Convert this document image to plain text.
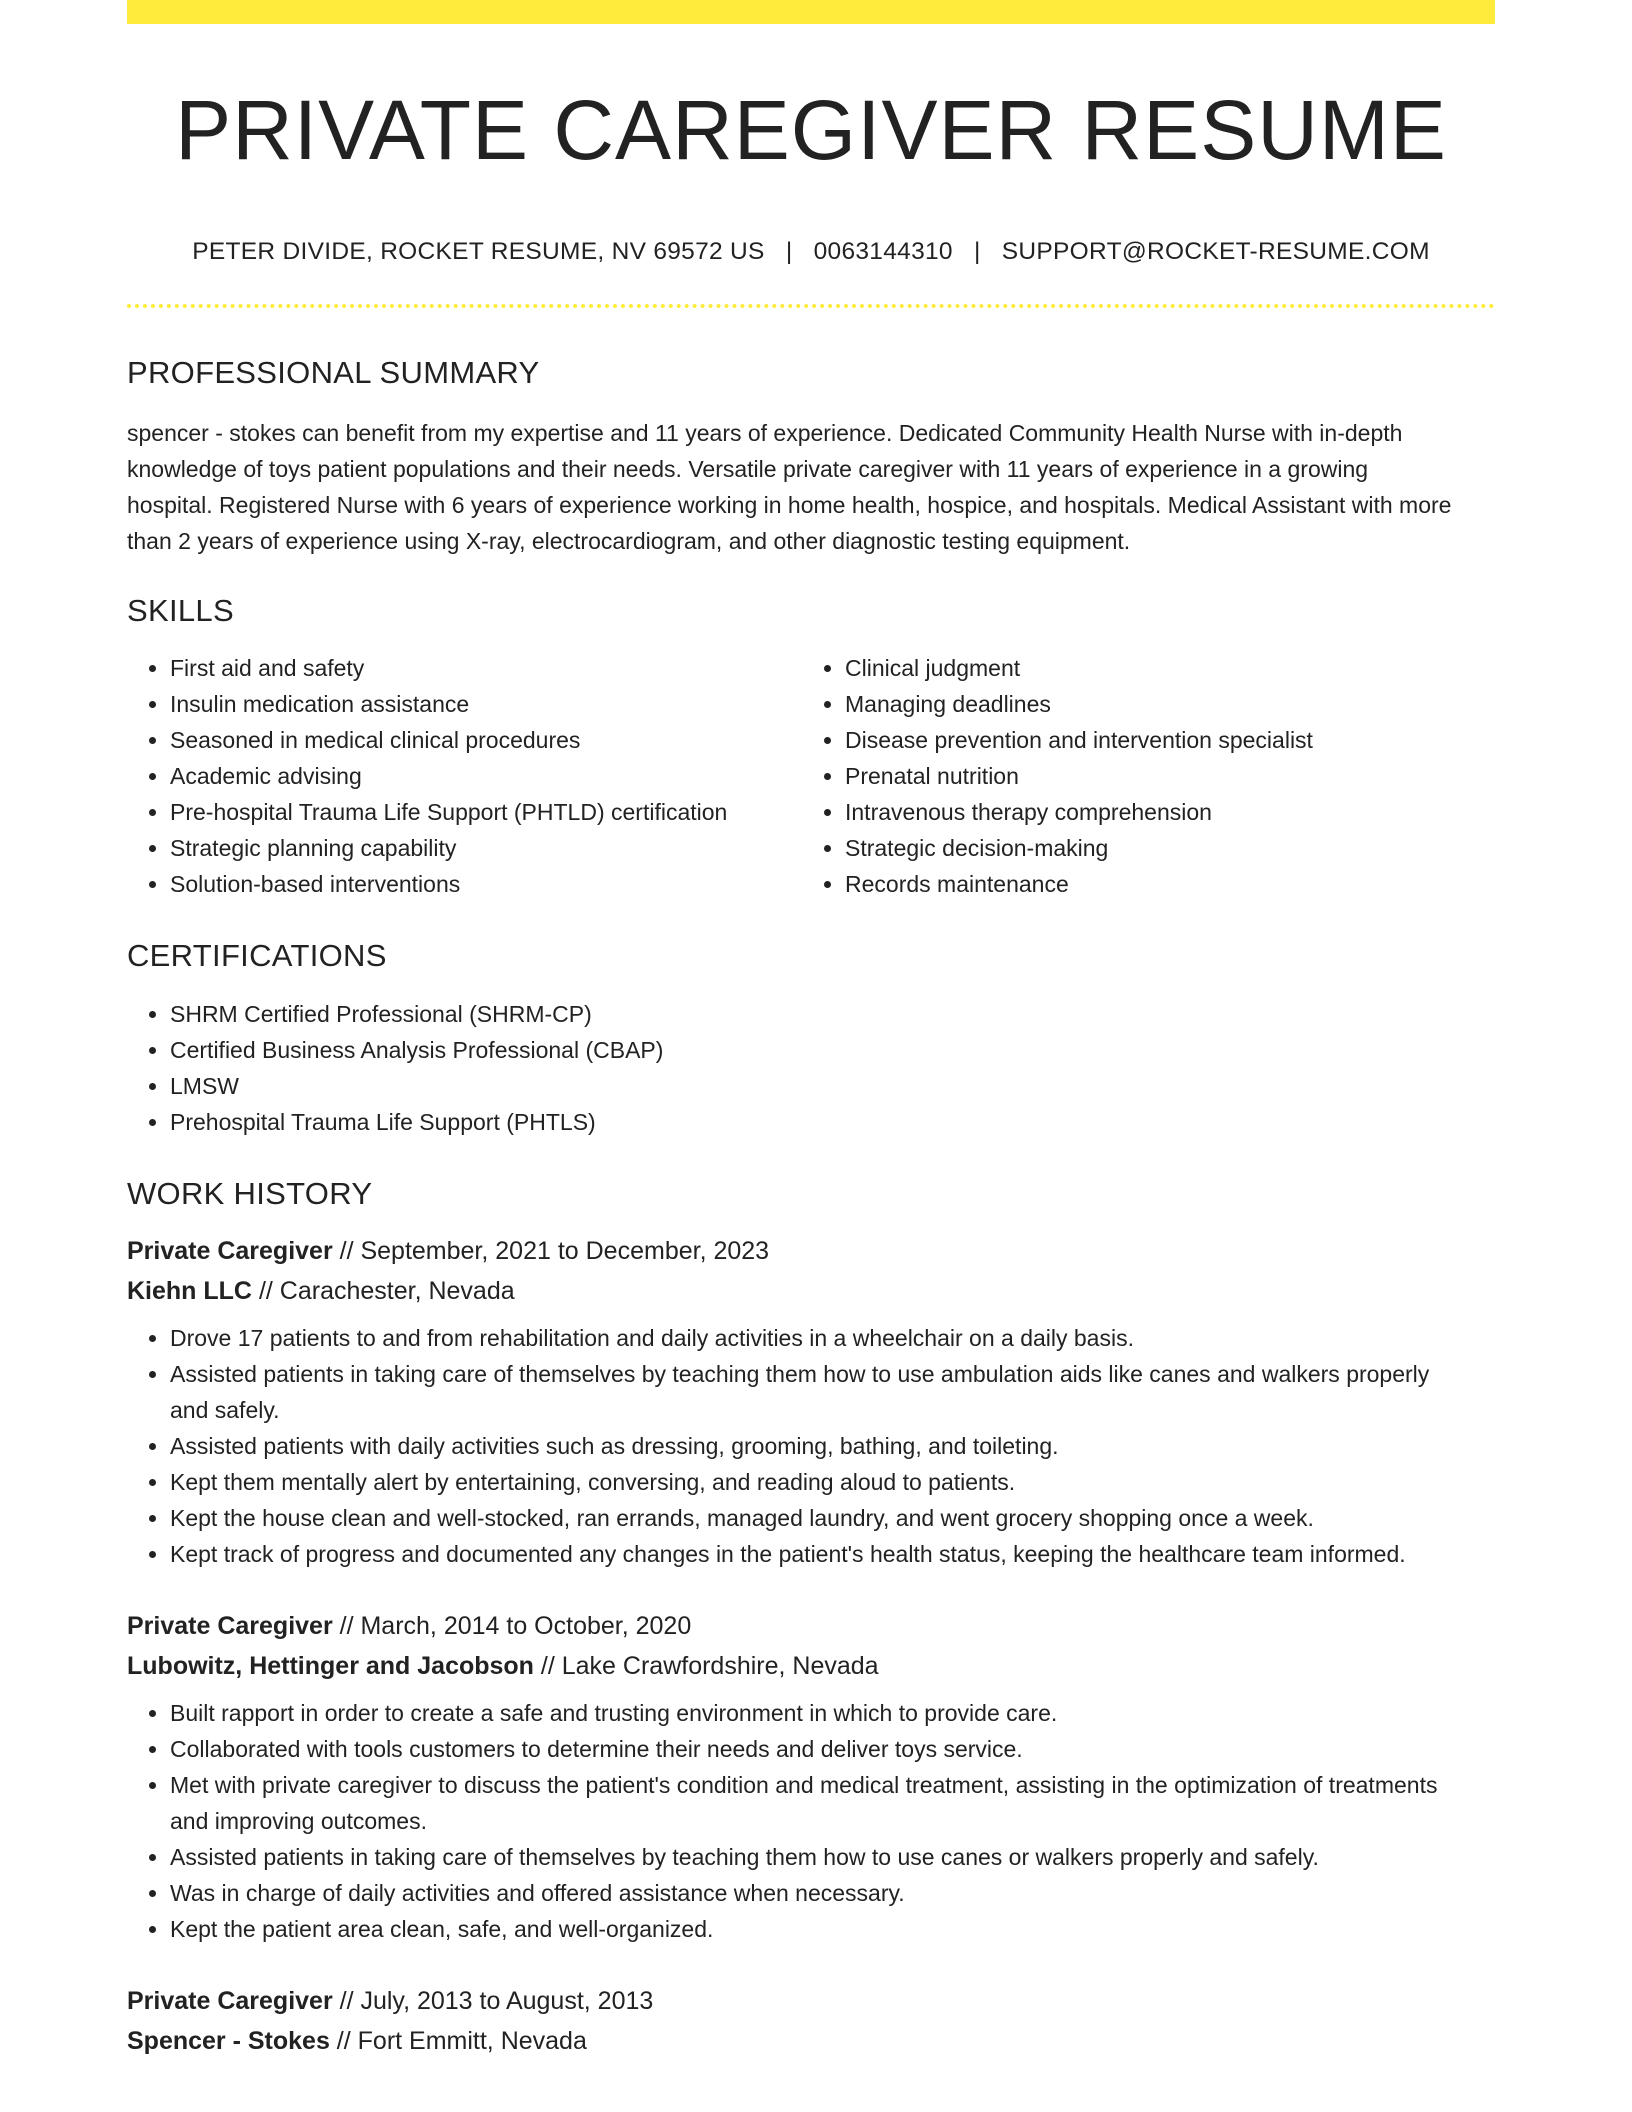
PRIVATE CAREGIVER RESUME
PETER DIVIDE, ROCKET RESUME, NV 69572 US | 0063144310 | SUPPORT@ROCKET-RESUME.COM
PROFESSIONAL SUMMARY

spencer - stokes can benefit from my expertise and 11 years of experience. Dedicated Community Health Nurse with in-depth knowledge of toys patient populations and their needs. Versatile private caregiver with 11 years of experience in a growing hospital. Registered Nurse with 6 years of experience working in home health, hospice, and hospitals. Medical Assistant with more than 2 years of experience using X-ray, electrocardiogram, and other diagnostic testing equipment.

SKILLS
• First aid and safety
• Insulin medication assistance
• Seasoned in medical clinical procedures
• Academic advising
• Pre-hospital Trauma Life Support (PHTLD) certification
• Strategic planning capability
• Solution-based interventions
• Clinical judgment
• Managing deadlines
• Disease prevention and intervention specialist
• Prenatal nutrition
• Intravenous therapy comprehension
• Strategic decision-making
• Records maintenance
CERTIFICATIONS
• SHRM Certified Professional (SHRM-CP)
• Certified Business Analysis Professional (CBAP)
• LMSW
• Prehospital Trauma Life Support (PHTLS)
WORK HISTORY
Private Caregiver // September, 2021 to December, 2023
Kiehn LLC // Carachester, Nevada
• Drove 17 patients to and from rehabilitation and daily activities in a wheelchair on a daily basis.
• Assisted patients in taking care of themselves by teaching them how to use ambulation aids like canes and walkers properly and safely.
• Assisted patients with daily activities such as dressing, grooming, bathing, and toileting.
• Kept them mentally alert by entertaining, conversing, and reading aloud to patients.
• Kept the house clean and well-stocked, ran errands, managed laundry, and went grocery shopping once a week.
• Kept track of progress and documented any changes in the patient's health status, keeping the healthcare team informed.
Private Caregiver // March, 2014 to October, 2020
Lubowitz, Hettinger and Jacobson // Lake Crawfordshire, Nevada
• Built rapport in order to create a safe and trusting environment in which to provide care.
• Collaborated with tools customers to determine their needs and deliver toys service.
• Met with private caregiver to discuss the patient's condition and medical treatment, assisting in the optimization of treatments and improving outcomes.
• Assisted patients in taking care of themselves by teaching them how to use canes or walkers properly and safely.
• Was in charge of daily activities and offered assistance when necessary.
• Kept the patient area clean, safe, and well-organized.
Private Caregiver // July, 2013 to August, 2013
Spencer - Stokes // Fort Emmitt, Nevada
